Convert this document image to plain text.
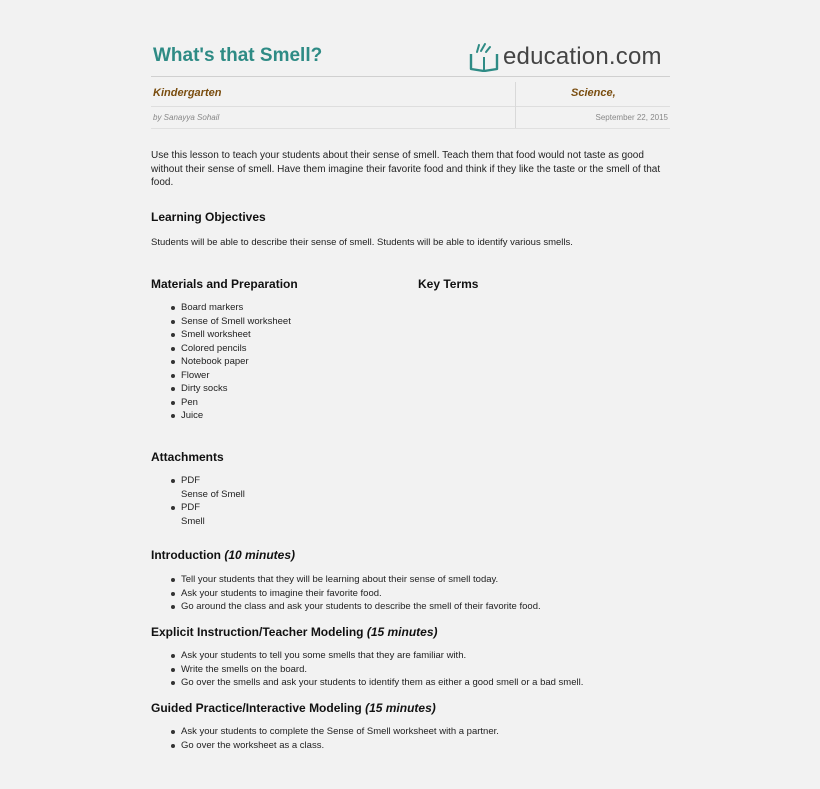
What's that Smell?	education.com
Kindergarten	Science,
by Sanayya Sohail	September 22, 2015
Use this lesson to teach your students about their sense of smell. Teach them that food would not taste as good without their sense of smell. Have them imagine their favorite food and think if they like the taste or the smell of that food.
Learning Objectives
Students will be able to describe their sense of smell. Students will be able to identify various smells.
Materials and Preparation	Key Terms
Board markers
Sense of Smell worksheet
Smell worksheet
Colored pencils
Notebook paper
Flower
Dirty socks
Pen
Juice
Attachments
PDF
Sense of Smell
PDF
Smell
Introduction (10 minutes)
Tell your students that they will be learning about their sense of smell today.
Ask your students to imagine their favorite food.
Go around the class and ask your students to describe the smell of their favorite food.
Explicit Instruction/Teacher Modeling (15 minutes)
Ask your students to tell you some smells that they are familiar with.
Write the smells on the board.
Go over the smells and ask your students to identify them as either a good smell or a bad smell.
Guided Practice/Interactive Modeling (15 minutes)
Ask your students to complete the Sense of Smell worksheet with a partner.
Go over the worksheet as a class.
